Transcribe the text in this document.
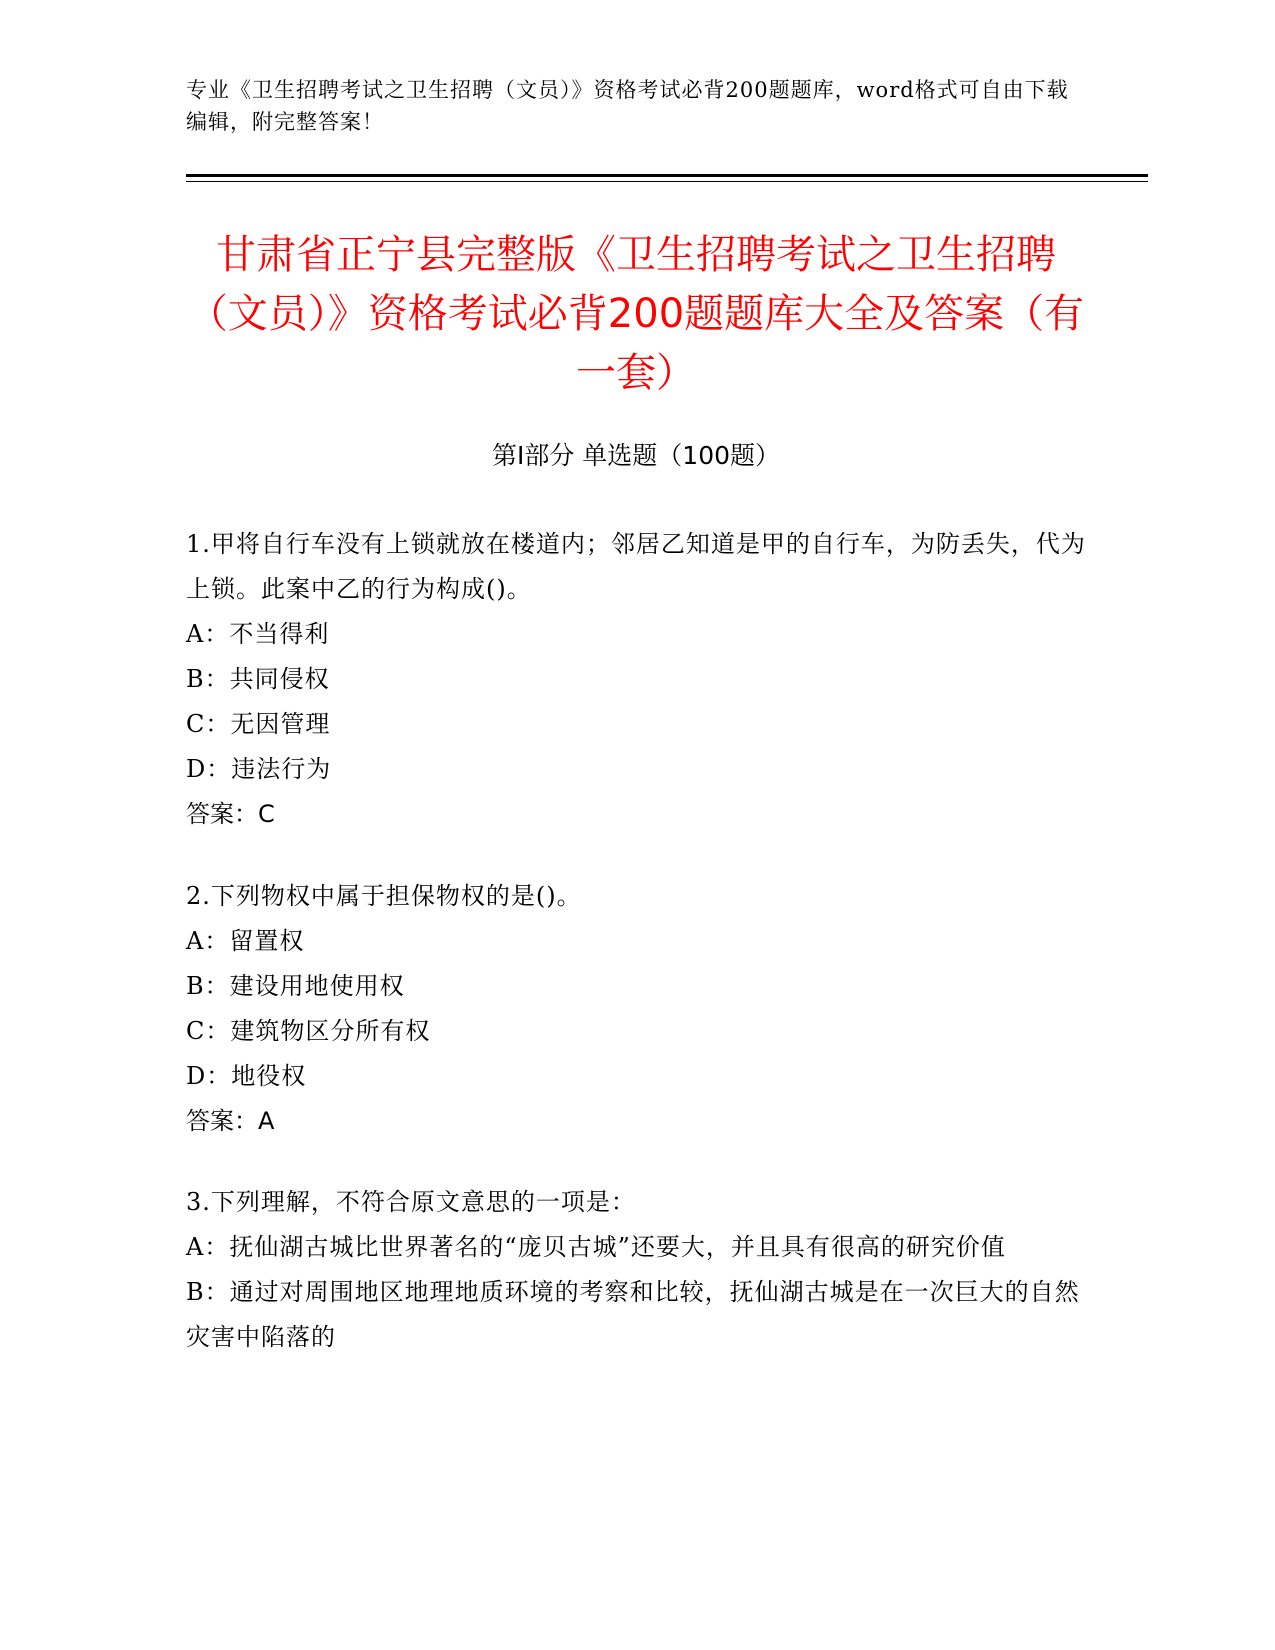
专业《卫生招聘考试之卫生招聘（文员）》资格考试必背200题题库，word格式可自由下载编辑，附完整答案！

甘肃省正宁县完整版《卫生招聘考试之卫生招聘（文员）》资格考试必背200题题库大全及答案（有一套）
第I部分 单选题（100题）

1.甲将自行车没有上锁就放在楼道内；邻居乙知道是甲的自行车，为防丢失，代为上锁。此案中乙的行为构成()。

A：不当得利

B：共同侵权

C：无因管理

D：违法行为

答案：C

2.下列物权中属于担保物权的是()。

A：留置权

B：建设用地使用权

C：建筑物区分所有权

D：地役权

答案：A

3.下列理解，不符合原文意思的一项是：

A：抚仙湖古城比世界著名的“庞贝古城”还要大，并且具有很高的研究价值

B：通过对周围地区地理地质环境的考察和比较，抚仙湖古城是在一次巨大的自然灾害中陷落的
